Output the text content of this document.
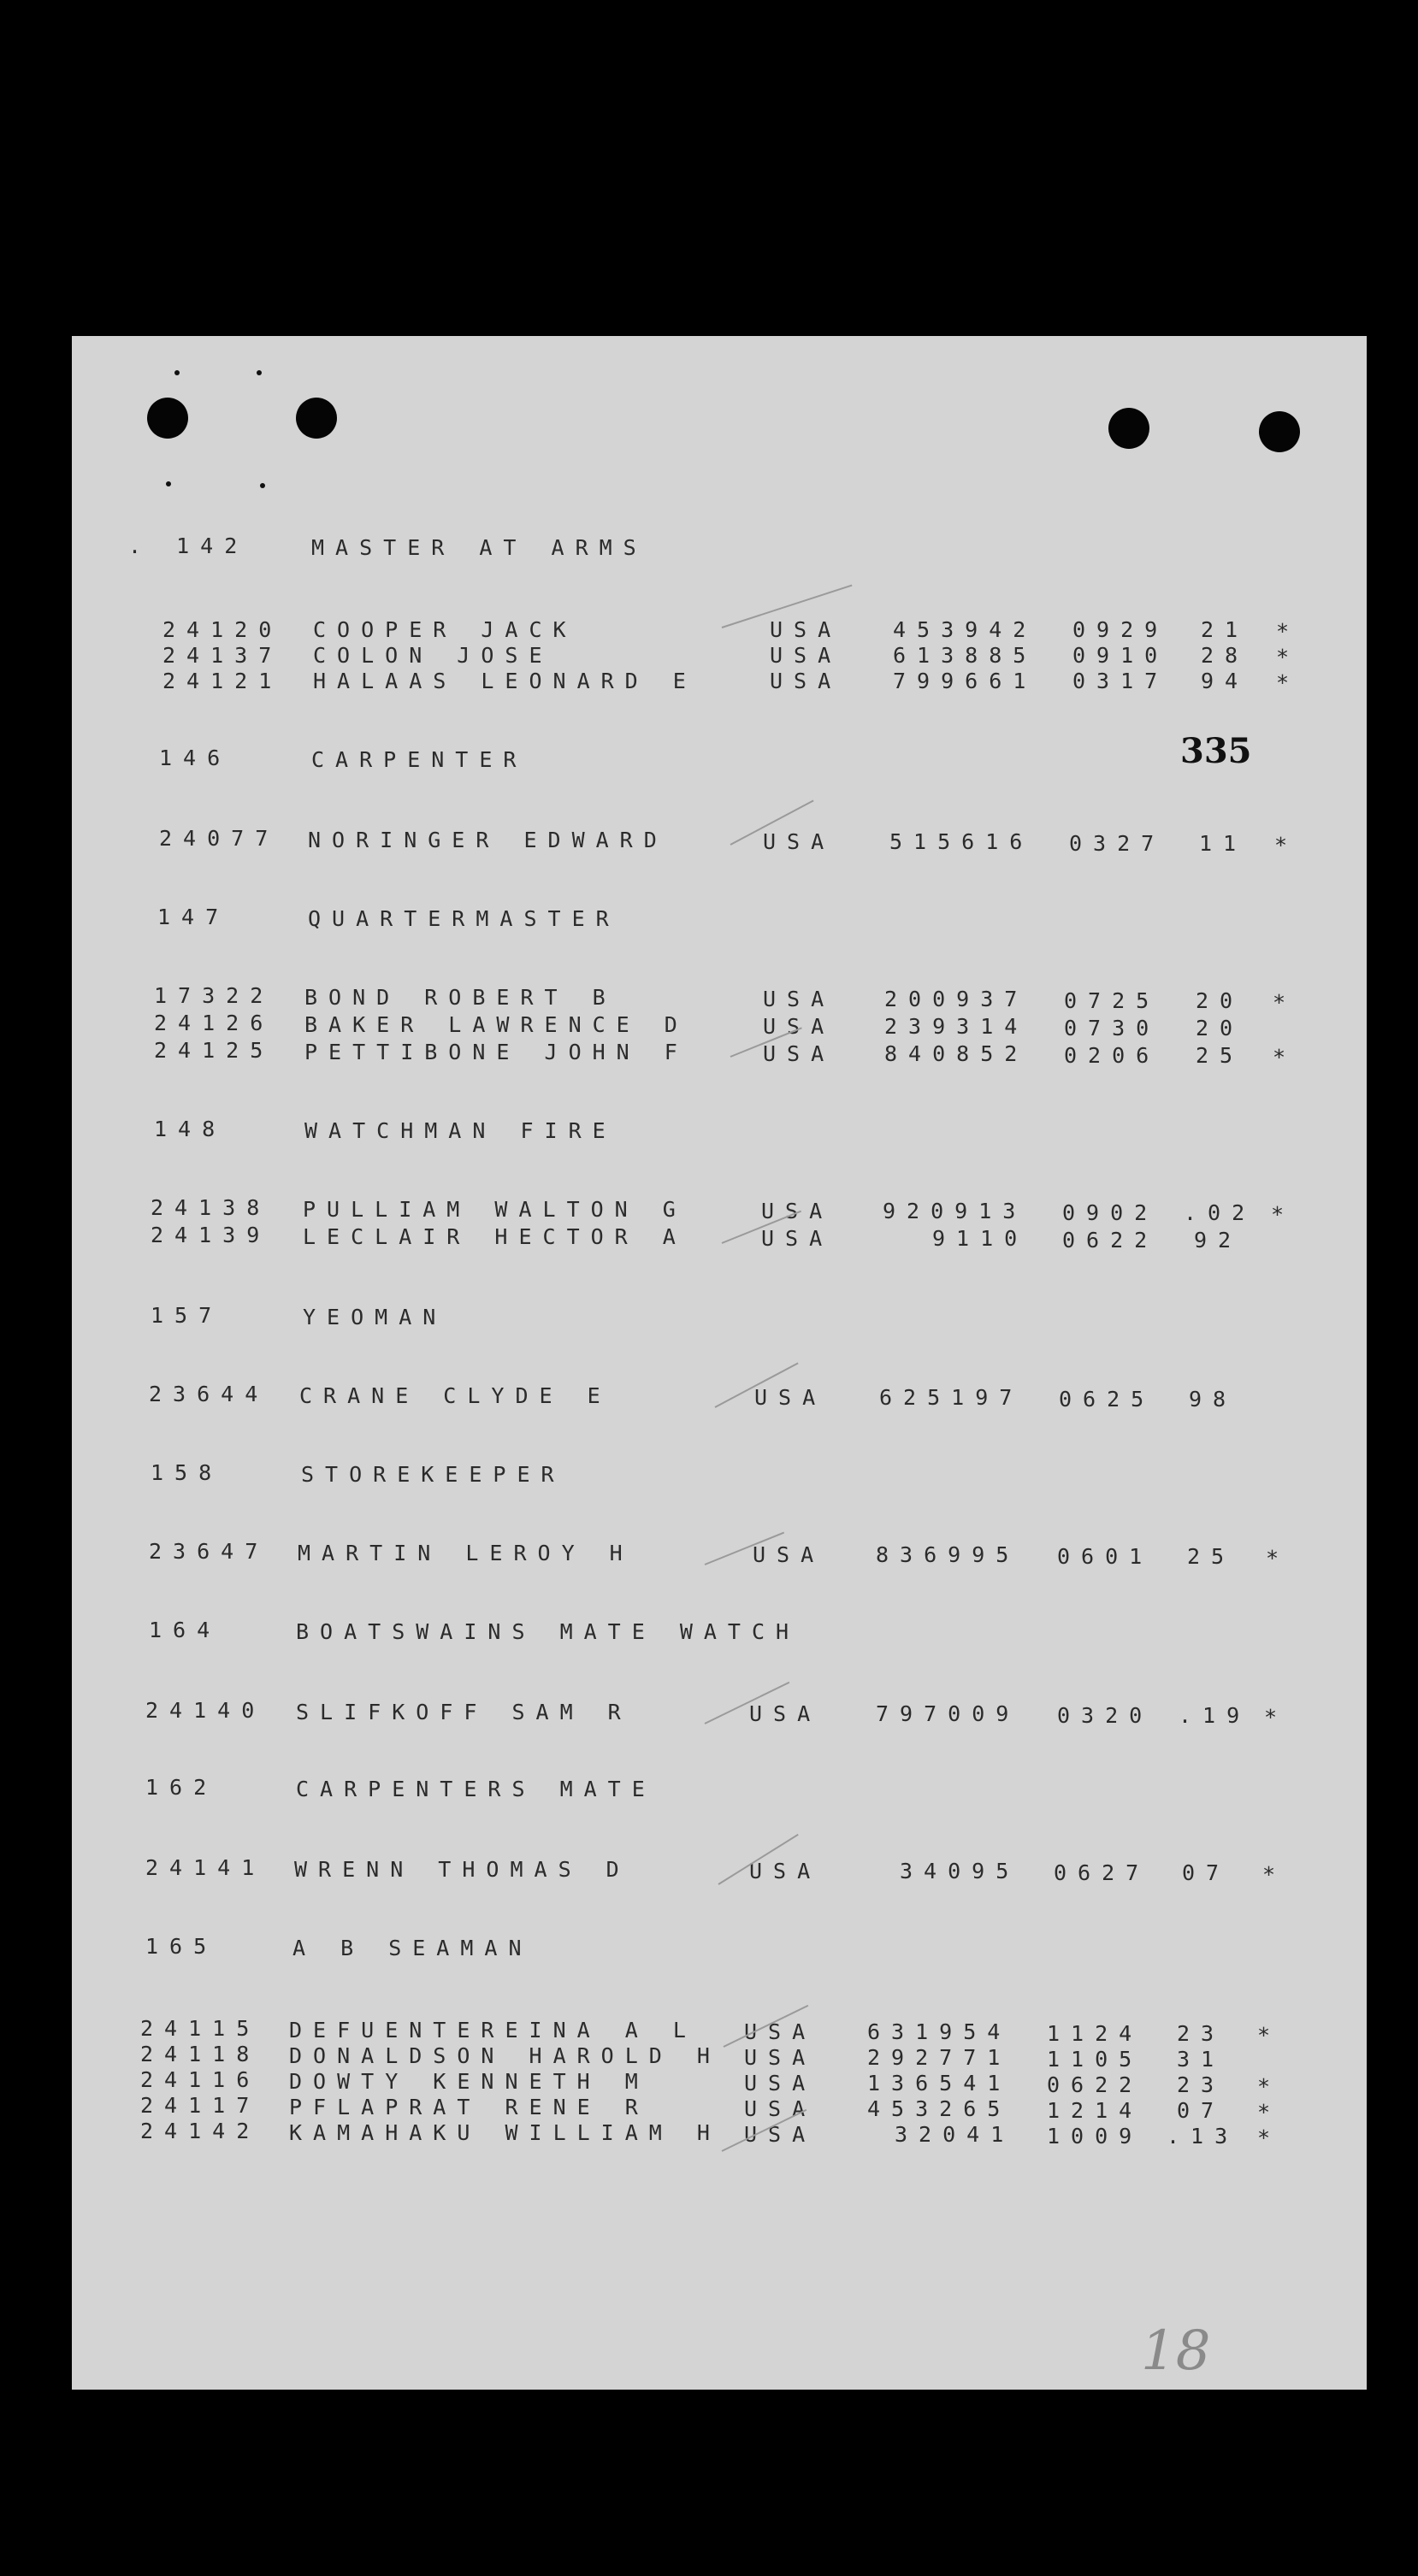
. 142	MASTER AT ARMS
24120 COOPER JACK	USA 453942 0929 21 *
24137 COLON JOSE	USA 613885 0910 28 *
24121 HALAAS LEONARD E	USA 799661 0317 94 *
146	CARPENTER	335
24077 NORINGER EDWARD	USA	515616 0327 11 *
147	QUARTERMASTER
17322 BOND ROBERT B	USA 200937 0725 20 *
24126 BAKER LAWRENCE D	USA 239314 0730 20
24125 PETTIBONE JOHN F	USA 840852 0206 25 *
148	WATCHMAN FIRE
24138 PULLIAM WALTON G	USA 920913 0902 .02 *
24139 LECLAIR HECTOR A	USA	9110 0622 92
157	YEOMAN
23644 CRANE CLYDE E	USA 625197 0625 98
158	STOREKEEPER
23647 MARTIN LEROY H	USA 836995 0601 25 *
164	BOATSWAINS MATE WATCH
24140 SLIFKOFF SAM R	USA	797009 0320 .19 *
162	CARPENTERS MATE
24141 WRENN THOMAS D	USA	34095 0627 07 *
165	A B SEAMAN
24115 DEFUENTEREINA A L USA 631954 1124 23 *
24118 DONALDSON HAROLD H USA 292771 1105 31
24116 DOWTY KENNETH M	USA 136541 0622 23 *
24117 PFLAPRAT RENE R	USA 453265 1214 07 *
24142 KAMAHAKU WILLIAM H USA	32041 1009 .13 *
18
